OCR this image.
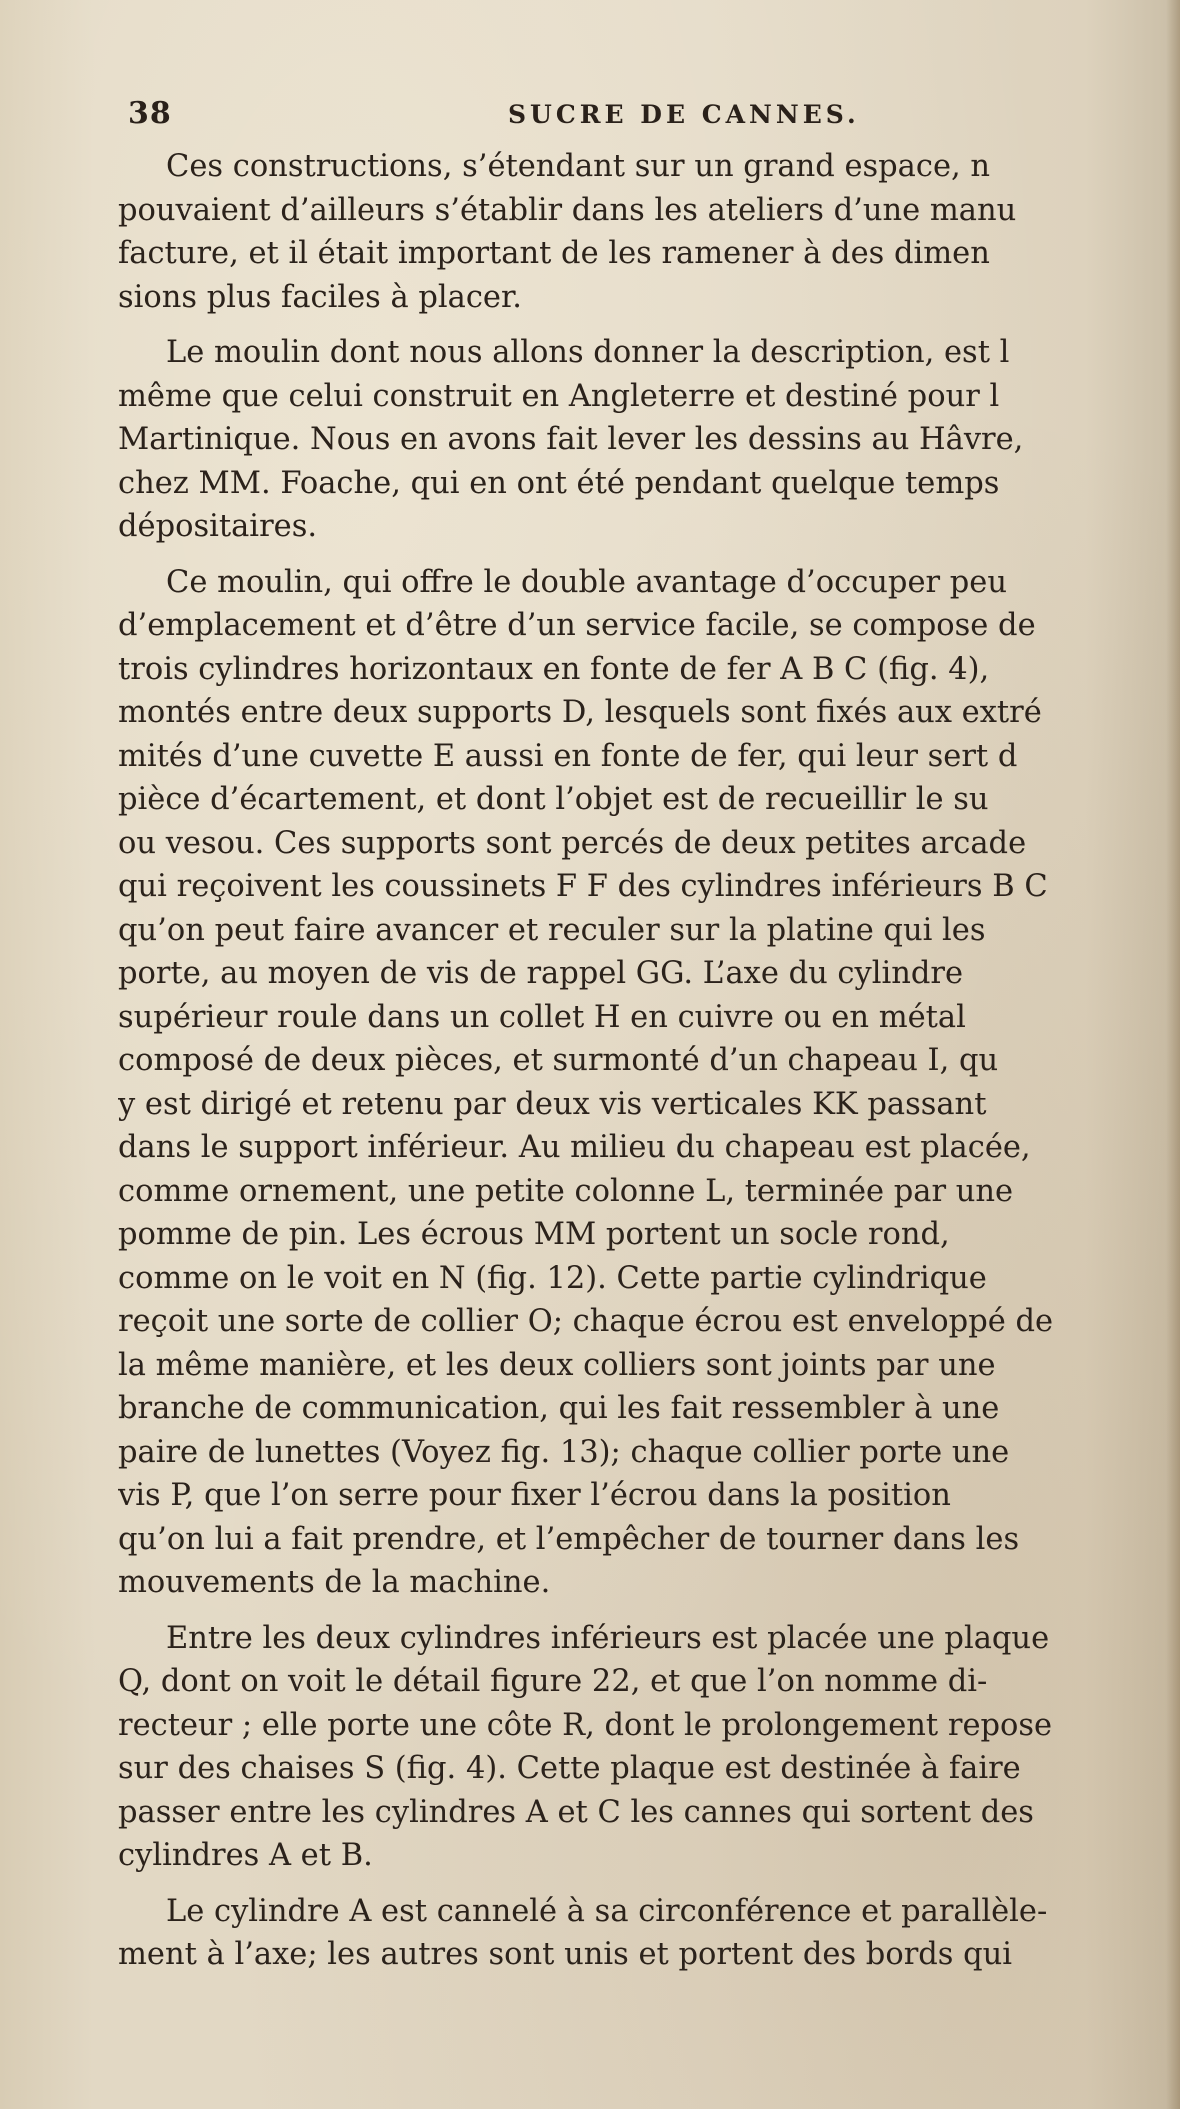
38	SUCRE DE CANNES.
Ces constructions, s’étendant sur un grand espace, n
pouvaient d’ailleurs s’établir dans les ateliers d’une manu
facture, et il était important de les ramener à des dimen
sions plus faciles à placer.
Le moulin dont nous allons donner la description, est l
même que celui construit en Angleterre et destiné pour l
Martinique. Nous en avons fait lever les dessins au Hâvre,
chez MM. Foache, qui en ont été pendant quelque temps
dépositaires.
Ce moulin, qui offre le double avantage d’occuper peu
d’emplacement et d’être d’un service facile, se compose de
trois cylindres horizontaux en fonte de fer A B C (fig. 4),
montés entre deux supports D, lesquels sont fixés aux extré
mités d’une cuvette E aussi en fonte de fer, qui leur sert d
pièce d’écartement, et dont l’objet est de recueillir le su
ou vesou. Ces supports sont percés de deux petites arcade
qui reçoivent les coussinets F F des cylindres inférieurs B C
qu’on peut faire avancer et reculer sur la platine qui les
porte, au moyen de vis de rappel GG. L’axe du cylindre
supérieur roule dans un collet H en cuivre ou en métal
composé de deux pièces, et surmonté d’un chapeau I, qu
y est dirigé et retenu par deux vis verticales KK passant
dans le support inférieur. Au milieu du chapeau est placée,
comme ornement, une petite colonne L, terminée par une
pomme de pin. Les écrous MM portent un socle rond,
comme on le voit en N (fig. 12). Cette partie cylindrique
reçoit une sorte de collier O; chaque écrou est enveloppé de
la même manière, et les deux colliers sont joints par une
branche de communication, qui les fait ressembler à une
paire de lunettes (Voyez fig. 13); chaque collier porte une
vis P, que l’on serre pour fixer l’écrou dans la position
qu’on lui a fait prendre, et l’empêcher de tourner dans les
mouvements de la machine.
Entre les deux cylindres inférieurs est placée une plaque
Q, dont on voit le détail figure 22, et que l’on nomme di-
recteur ; elle porte une côte R, dont le prolongement repose
sur des chaises S (fig. 4). Cette plaque est destinée à faire
passer entre les cylindres A et C les cannes qui sortent des
cylindres A et B.
Le cylindre A est cannelé à sa circonférence et parallèle-
ment à l’axe; les autres sont unis et portent des bords qui
